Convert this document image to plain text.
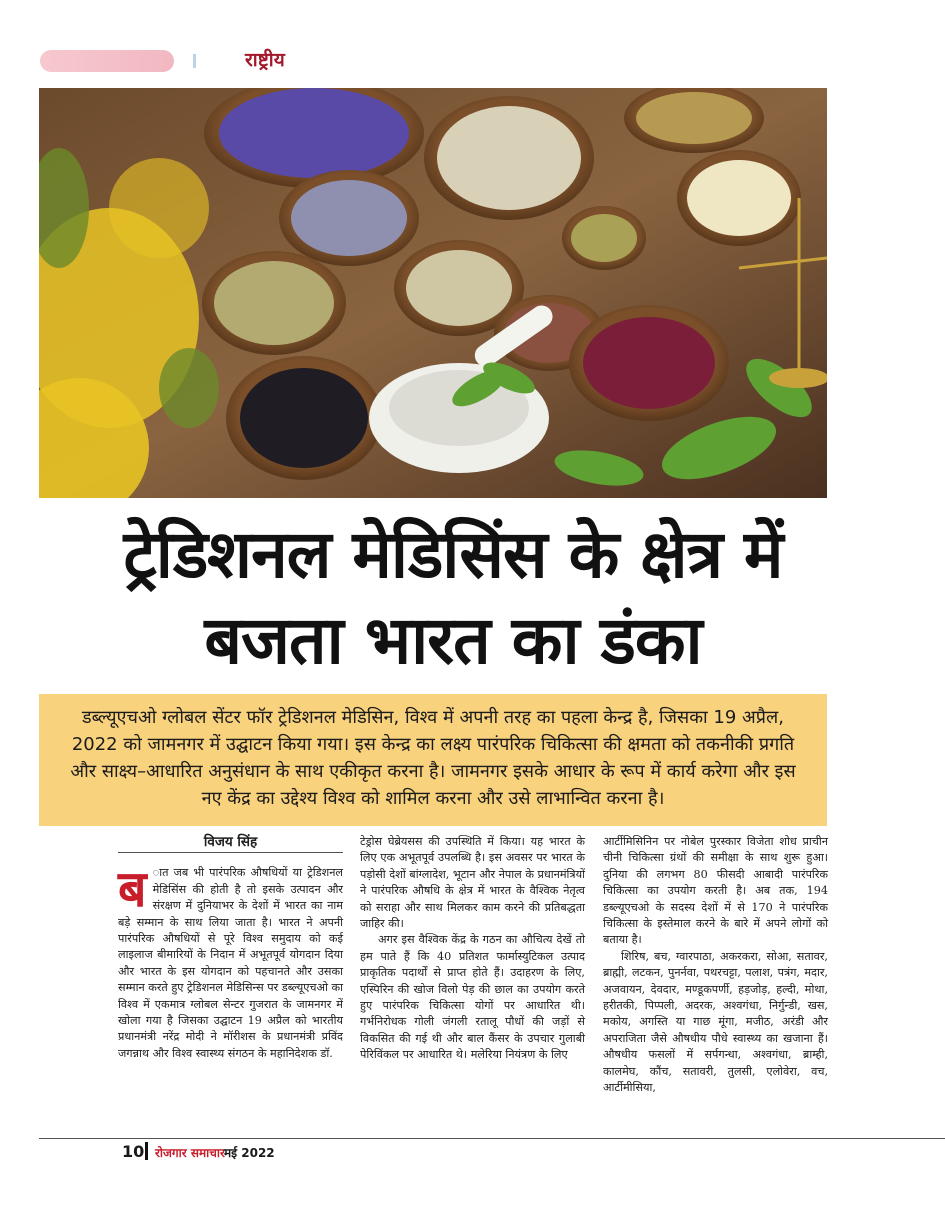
राष्ट्रीय
ट्रेडिशनल मेडिसिंस के क्षेत्र में
बजता भारत का डंका

डब्ल्यूएचओ ग्लोबल सेंटर फॉर ट्रेडिशनल मेडिसिन, विश्व में अपनी तरह का पहला केन्द्र है, जिसका 19 अप्रैल, 2022 को जामनगर में उद्घाटन किया गया। इस केन्द्र का लक्ष्य पारंपरिक चिकित्सा की क्षमता को तकनीकी प्रगति और साक्ष्य–आधारित अनुसंधान के साथ एकीकृत करना है। जामनगर इसके आधार के रूप में कार्य करेगा और इस नए केंद्र का उद्देश्य विश्व को शामिल करना और उसे लाभान्वित करना है।

विजय सिंह
ब ात जब भी पारंपरिक औषधियों या ट्रेडिशनल मेडिसिंस की होती है तो इसके उत्पादन और संरक्षण में दुनियाभर के देशों में भारत का नाम बड़े सम्मान के साथ लिया जाता है। भारत ने अपनी पारंपरिक औषधियों से पूरे विश्व समुदाय को कई लाइलाज बीमारियों के निदान में अभूतपूर्व योगदान दिया और भारत के इस योगदान को पहचानते और उसका सम्मान करते हुए ट्रेडिशनल मेडिसिन्स पर डब्ल्यूएचओ का विश्व में एकमात्र ग्लोबल सेन्टर गुजरात के जामनगर में खोला गया है जिसका उद्घाटन 19 अप्रैल को भारतीय प्रधानमंत्री नरेंद्र मोदी ने मॉरीशस के प्रधानमंत्री प्रविंद जगन्नाथ और विश्व स्वास्थ्य संगठन के महानिदेशक डॉ.

टेड्रोस घेब्रेयसस की उपस्थिति में किया। यह भारत के लिए एक अभूतपूर्व उपलब्धि है। इस अवसर पर भारत के पड़ोसी देशों बांग्लादेश, भूटान और नेपाल के प्रधानमंत्रियों ने पारंपरिक औषधि के क्षेत्र में भारत के वैश्विक नेतृत्व को सराहा और साथ मिलकर काम करने की प्रतिबद्धता जाहिर की।

अगर इस वैश्विक केंद्र के गठन का औचित्य देखें तो हम पाते हैं कि 40 प्रतिशत फार्मास्युटिकल उत्पाद प्राकृतिक पदार्थों से प्राप्त होते हैं। उदाहरण के लिए, एस्पिरिन की खोज विलो पेड़ की छाल का उपयोग करते हुए पारंपरिक चिकित्सा योगों पर आधारित थी। गर्भनिरोधक गोली जंगली रतालू पौधों की जड़ों से विकसित की गई थी और बाल कैंसर के उपचार गुलाबी पेरिविंकल पर आधारित थे। मलेरिया नियंत्रण के लिए

आर्टीमिसिनिन पर नोबेल पुरस्कार विजेता शोध प्राचीन चीनी चिकित्सा ग्रंथों की समीक्षा के साथ शुरू हुआ। दुनिया की लगभग 80 फीसदी आबादी पारंपरिक चिकित्सा का उपयोग करती है। अब तक, 194 डब्ल्यूएचओ के सदस्य देशों में से 170 ने पारंपरिक चिकित्सा के इस्तेमाल करने के बारे में अपने लोगों को बताया है।

शिरिष, बच, ग्वारपाठा, अकरकरा, सोआ, सतावर, ब्राह्मी, लटकन, पुनर्नवा, पथरचट्टा, पलाश, पत्रंग, मदार, अजवायन, देवदार, मण्डूकपर्णी, हड़जोड़, हल्दी, मोथा, हरीतकी, पिप्पली, अदरक, अश्वगंधा, निर्गुन्डी, खस, मकोय, अगस्ति या गाछ मूंगा, मजीठ, अरंडी और अपराजिता जैसे औषधीय पौधे स्वास्थ्य का खजाना हैं। औषधीय फसलों में सर्पगन्धा, अश्वगंधा, ब्राम्ही, कालमेघ, कौंच, सतावरी, तुलसी, एलोवेरा, वच, आर्टीमीसिया,

10 रोजगार समाचार मई 2022
